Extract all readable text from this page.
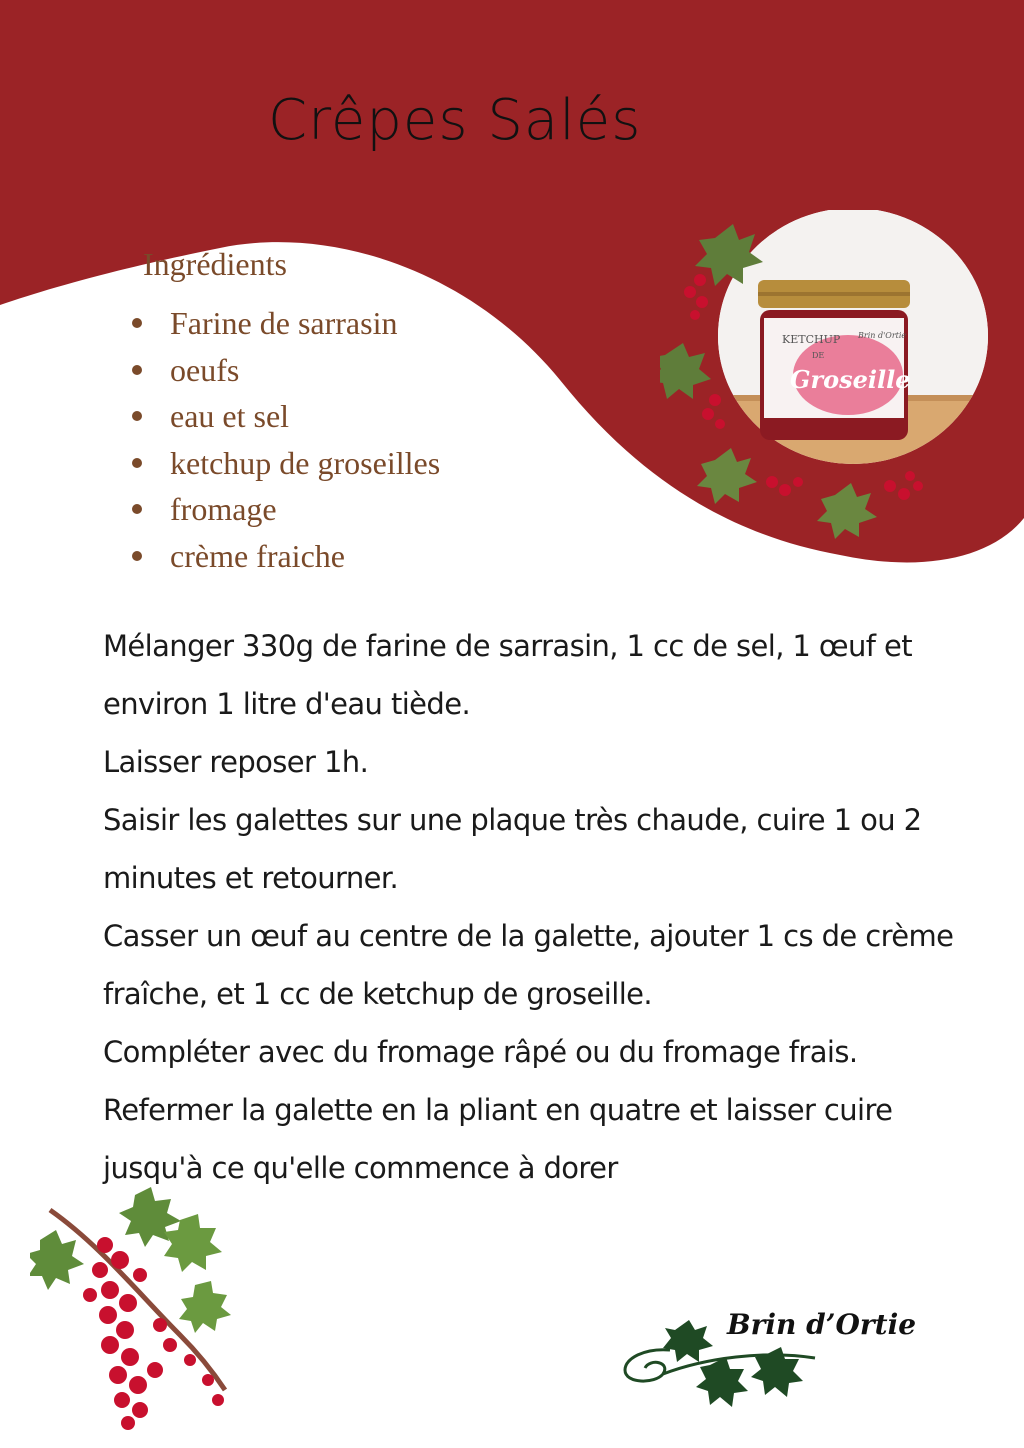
Crêpes Salés
Ingrédients
Farine de sarrasin
oeufs
eau et sel
ketchup de groseilles
fromage
crème fraiche
KETCHUP
DE
Groseille
Brin d'Ortie

Mélanger 330g de farine de sarrasin, 1 cc de sel, 1 œuf et environ 1 litre d'eau tiède.

Laisser reposer 1h.

Saisir les galettes sur une plaque très chaude, cuire 1 ou 2 minutes et retourner.

Casser un œuf au centre de la galette, ajouter 1 cs de crème fraîche, et 1 cc de ketchup de groseille.

Compléter avec du fromage râpé ou du fromage frais. Refermer la galette en la pliant en quatre et laisser cuire jusqu'à ce qu'elle commence à dorer

Brin d’Ortie
